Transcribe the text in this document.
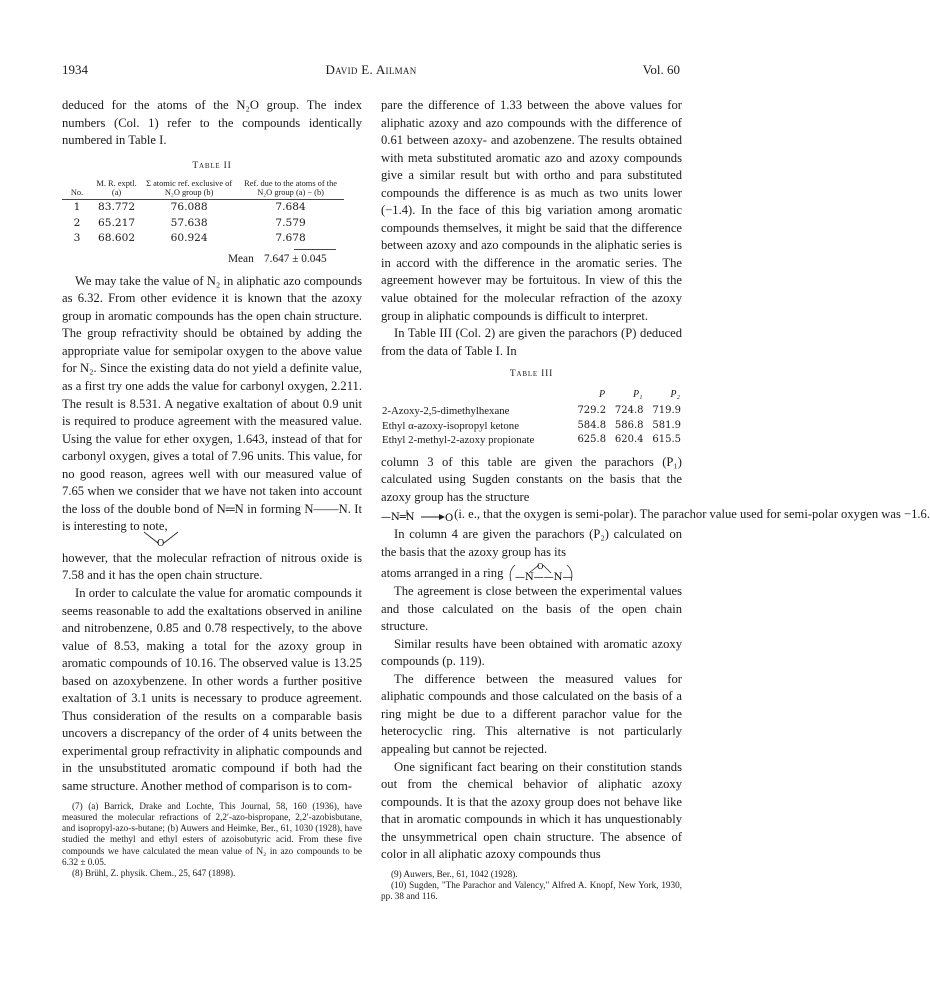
1934	David E. Ailman	Vol. 60

deduced for the atoms of the N₂O group. The index numbers (Col. 1) refer to the compounds identically numbered in Table I.

Table II
No.	M. R. exptl. (a)	Σ atomic ref. exclusive of N₂O group (b)	Ref. due to the atoms of the N₂O group (a) − (b)
1	83.772	76.088	7.684
2	65.217	57.638	7.579
3	68.602	60.924	7.678
Mean 7.647 ± 0.045

We may take the value of N₂ in aliphatic azo compounds as 6.32. From other evidence it is known that the azoxy group in aromatic compounds has the open chain structure. The group refractivity should be obtained by adding the appropriate value for semipolar oxygen to the above value for N₂. Since the existing data do not yield a definite value, as a first try one adds the value for carbonyl oxygen, 2.211. The result is 8.531. A negative exaltation of about 0.9 unit is required to produce agreement with the measured value. Using the value for ether oxygen, 1.643, instead of that for carbonyl oxygen, gives a total of 7.96 units. This value, for no good reason, agrees well with our measured value of 7.65 when we consider that we have not taken into account the loss of the double bond of N═N in forming N——N. It is interesting to note,

O

however, that the molecular refraction of nitrous oxide is 7.58 and it has the open chain structure.

In order to calculate the value for aromatic compounds it seems reasonable to add the exaltations observed in aniline and nitrobenzene, 0.85 and 0.78 respectively, to the above value of 8.53, making a total for the azoxy group in aromatic compounds of 10.16. The observed value is 13.25 based on azoxybenzene. In other words a further positive exaltation of 3.1 units is necessary to produce agreement. Thus consideration of the results on a comparable basis uncovers a discrepancy of the order of 4 units between the experimental group refractivity in aliphatic compounds and in the unsubstituted aromatic compound if both had the same structure. Another method of comparison is to com-

(7) (a) Barrick, Drake and Lochte, This Journal, 58, 160 (1936), have measured the molecular refractions of 2,2′-azo-bispropane, 2,2′-azobisbutane, and isopropyl-azo-s-butane; (b) Auwers and Heimke, Ber., 61, 1030 (1928), have studied the methyl and ethyl esters of azoisobutyric acid. From these five compounds we have calculated the mean value of N₂ in azo compounds to be 6.32 ± 0.05.

(8) Brühl, Z. physik. Chem., 25, 647 (1898).

pare the difference of 1.33 between the above values for aliphatic azoxy and azo compounds with the difference of 0.61 between azoxy- and azobenzene. The results obtained with meta substituted aromatic azo and azoxy compounds give a similar result but with ortho and para substituted compounds the difference is as much as two units lower (−1.4). In the face of this big variation among aromatic compounds themselves, it might be said that the difference between azoxy and azo compounds in the aliphatic series is in accord with the difference in the aromatic series. The agreement however may be fortuitous. In view of this the value obtained for the molecular refraction of the azoxy group in aliphatic compounds is difficult to interpret.

In Table III (Col. 2) are given the parachors (P) deduced from the data of Table I. In

Table III
	P	P₁	P₂
2-Azoxy-2,5-dimethylhexane	729.2	724.8	719.9
Ethyl α-azoxy-isopropyl ketone	584.8	586.8	581.9
Ethyl 2-methyl-2-azoxy propionate	625.8	620.4	615.5

column 3 of this table are given the parachors (P₁) calculated using Sugden constants on the basis that the azoxy group has the structure

—N═N	O (i. e., that the oxygen is semi-polar). The parachor value used for semi-polar oxygen was −1.6.

In column 4 are given the parachors (P₂) calculated on the basis that the azoxy group has its

atoms arranged in a ring —N——N—
O

The agreement is close between the experimental values and those calculated on the basis of the open chain structure.

Similar results have been obtained with aromatic azoxy compounds (p. 119).

The difference between the measured values for aliphatic compounds and those calculated on the basis of a ring might be due to a different parachor value for the heterocyclic ring. This alternative is not particularly appealing but cannot be rejected.

One significant fact bearing on their constitution stands out from the chemical behavior of aliphatic azoxy compounds. It is that the azoxy group does not behave like that in aromatic compounds in which it has unquestionably the unsymmetrical open chain structure. The absence of color in all aliphatic azoxy compounds thus

(9) Auwers, Ber., 61, 1042 (1928).

(10) Sugden, "The Parachor and Valency," Alfred A. Knopf, New York, 1930, pp. 38 and 116.
